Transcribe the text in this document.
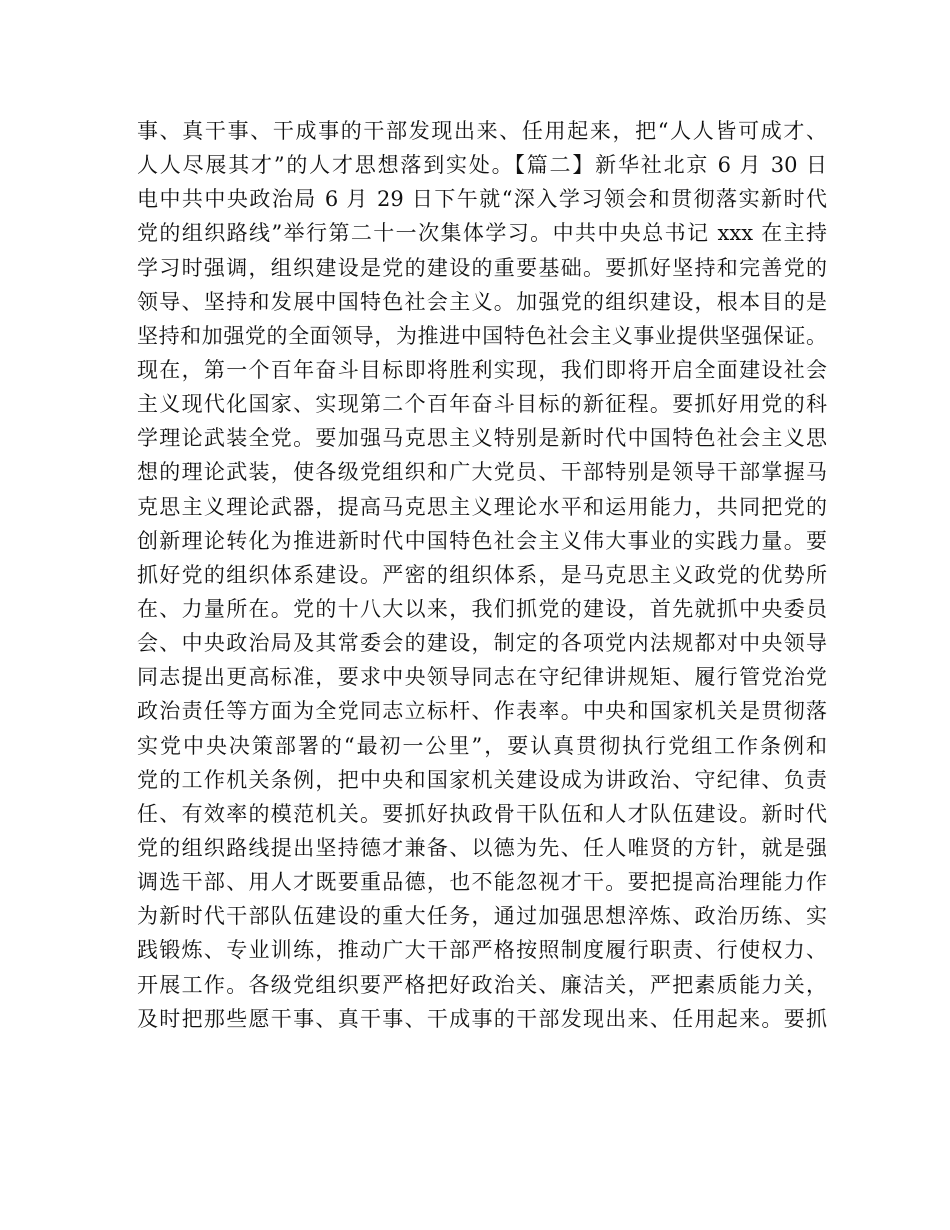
事、真干事、干成事的干部发现出来、任用起来，把“人人皆可成才、
人人尽展其才”的人才思想落到实处。【篇二】新华社北京 6 月 30 日
电中共中央政治局 6 月 29 日下午就“深入学习领会和贯彻落实新时代
党的组织路线”举行第二十一次集体学习。中共中央总书记 xxx 在主持
学习时强调，组织建设是党的建设的重要基础。要抓好坚持和完善党的
领导、坚持和发展中国特色社会主义。加强党的组织建设，根本目的是
坚持和加强党的全面领导，为推进中国特色社会主义事业提供坚强保证。
现在，第一个百年奋斗目标即将胜利实现，我们即将开启全面建设社会
主义现代化国家、实现第二个百年奋斗目标的新征程。要抓好用党的科
学理论武装全党。要加强马克思主义特别是新时代中国特色社会主义思
想的理论武装，使各级党组织和广大党员、干部特别是领导干部掌握马
克思主义理论武器，提高马克思主义理论水平和运用能力，共同把党的
创新理论转化为推进新时代中国特色社会主义伟大事业的实践力量。要
抓好党的组织体系建设。严密的组织体系，是马克思主义政党的优势所
在、力量所在。党的十八大以来，我们抓党的建设，首先就抓中央委员
会、中央政治局及其常委会的建设，制定的各项党内法规都对中央领导
同志提出更高标准，要求中央领导同志在守纪律讲规矩、履行管党治党
政治责任等方面为全党同志立标杆、作表率。中央和国家机关是贯彻落
实党中央决策部署的“最初一公里”，要认真贯彻执行党组工作条例和
党的工作机关条例，把中央和国家机关建设成为讲政治、守纪律、负责
任、有效率的模范机关。要抓好执政骨干队伍和人才队伍建设。新时代
党的组织路线提出坚持德才兼备、以德为先、任人唯贤的方针，就是强
调选干部、用人才既要重品德，也不能忽视才干。要把提高治理能力作
为新时代干部队伍建设的重大任务，通过加强思想淬炼、政治历练、实
践锻炼、专业训练，推动广大干部严格按照制度履行职责、行使权力、
开展工作。各级党组织要严格把好政治关、廉洁关，严把素质能力关，
及时把那些愿干事、真干事、干成事的干部发现出来、任用起来。要抓
